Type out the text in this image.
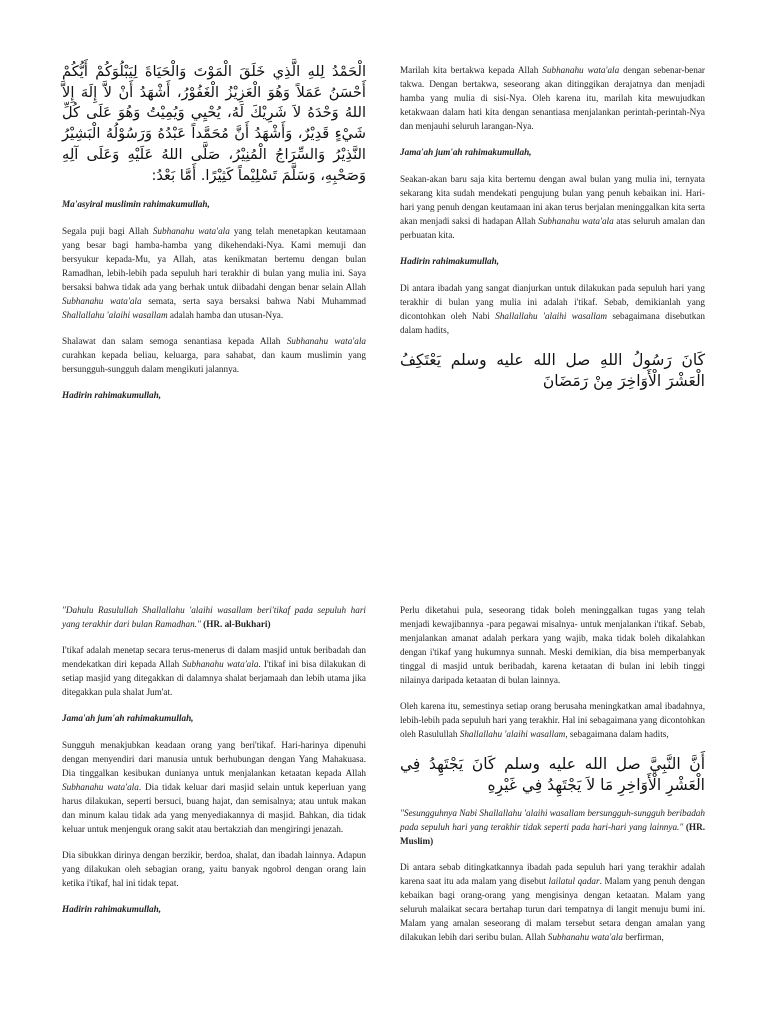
الْحَمْدُ لِلهِ الَّذِي خَلَقَ الْمَوْتَ وَالْحَيَاةَ لِيَبْلُوَكُمْ أَيُّكُمْ أَحْسَنُ عَمَلاً وَهُوَ الْعَزِيْزُ الْغَفُوْرُ، أَشْهَدُ أَنْ لاَّ إِلَهَ إِلاَّ اللهُ وَحْدَهُ لاَ شَرِيْكَ لَهُ، يُحْيِي وَيُمِيْتُ وَهُوَ عَلَى كُلِّ شَيْءٍ قَدِيْرٌ، وَأَشْهَدُ أَنَّ مُحَمَّداً عَبْدُهُ وَرَسُوْلُهُ الْبَشِيْرُ النَّذِيْرُ وَالسِّرَاجُ الْمُنِيْرُ، صَلَّى اللهُ عَلَيْهِ وَعَلَى آلِهِ وَصَحْبِهِ، وَسَلَّمَ تَسْلِيْماً كَثِيْرًا. أَمَّا بَعْدُ:

Ma'asyiral muslimin rahimakumullah,

Segala puji bagi Allah Subhanahu wata'ala yang telah menetapkan keutamaan yang besar bagi hamba-hamba yang dikehendaki-Nya. Kami memuji dan bersyukur kepada-Mu, ya Allah, atas kenikmatan bertemu dengan bulan Ramadhan, lebih-lebih pada sepuluh hari terakhir di bulan yang mulia ini. Saya bersaksi bahwa tidak ada yang berhak untuk diibadahi dengan benar selain Allah Subhanahu wata'ala semata, serta saya bersaksi bahwa Nabi Muhammad Shallallahu 'alaihi wasallam adalah hamba dan utusan-Nya.

Shalawat dan salam semoga senantiasa kepada Allah Subhanahu wata'ala curahkan kepada beliau, keluarga, para sahabat, dan kaum muslimin yang bersungguh-sungguh dalam mengikuti jalannya.

Hadirin rahimakumullah,

Marilah kita bertakwa kepada Allah Subhanahu wata'ala dengan sebenar-benar takwa. Dengan bertakwa, seseorang akan ditinggikan derajatnya dan menjadi hamba yang mulia di sisi-Nya. Oleh karena itu, marilah kita mewujudkan ketakwaan dalam hati kita dengan senantiasa menjalankan perintah-perintah-Nya dan menjauhi seluruh larangan-Nya.

Jama'ah jum'ah rahimakumullah,

Seakan-akan baru saja kita bertemu dengan awal bulan yang mulia ini, ternyata sekarang kita sudah mendekati pengujung bulan yang penuh kebaikan ini. Hari-hari yang penuh dengan keutamaan ini akan terus berjalan meninggalkan kita serta akan menjadi saksi di hadapan Allah Subhanahu wata'ala atas seluruh amalan dan perbuatan kita.

Hadirin rahimakumullah,

Di antara ibadah yang sangat dianjurkan untuk dilakukan pada sepuluh hari yang terakhir di bulan yang mulia ini adalah i'tikaf. Sebab, demikianlah yang dicontohkan oleh Nabi Shallallahu 'alaihi wasallam sebagaimana disebutkan dalam hadits,

كَانَ رَسُولُ اللهِ صل الله عليه وسلم يَعْتَكِفُ الْعَشْرَ الْأَوَاخِرَ مِنْ رَمَضَانَ

"Dahulu Rasulullah Shallallahu 'alaihi wasallam beri'tikaf pada sepuluh hari yang terakhir dari bulan Ramadhan." (HR. al-Bukhari)

I'tikaf adalah menetap secara terus-menerus di dalam masjid untuk beribadah dan mendekatkan diri kepada Allah Subhanahu wata'ala. I'tikaf ini bisa dilakukan di setiap masjid yang ditegakkan di dalamnya shalat berjamaah dan lebih utama jika ditegakkan pula shalat Jum'at.

Jama'ah jum'ah rahimakumullah,

Sungguh menakjubkan keadaan orang yang beri'tikaf. Hari-harinya dipenuhi dengan menyendiri dari manusia untuk berhubungan dengan Yang Mahakuasa. Dia tinggalkan kesibukan dunianya untuk menjalankan ketaatan kepada Allah Subhanahu wata'ala. Dia tidak keluar dari masjid selain untuk keperluan yang harus dilakukan, seperti bersuci, buang hajat, dan semisalnya; atau untuk makan dan minum kalau tidak ada yang menyediakannya di masjid. Bahkan, dia tidak keluar untuk menjenguk orang sakit atau bertakziah dan mengiringi jenazah.

Dia sibukkan dirinya dengan berzikir, berdoa, shalat, dan ibadah lainnya. Adapun yang dilakukan oleh sebagian orang, yaitu banyak ngobrol dengan orang lain ketika i'tikaf, hal ini tidak tepat.

Hadirin rahimakumullah,

Perlu diketahui pula, seseorang tidak boleh meninggalkan tugas yang telah menjadi kewajibannya -para pegawai misalnya- untuk menjalankan i'tikaf. Sebab, menjalankan amanat adalah perkara yang wajib, maka tidak boleh dikalahkan dengan i'tikaf yang hukumnya sunnah. Meski demikian, dia bisa memperbanyak tinggal di masjid untuk beribadah, karena ketaatan di bulan ini lebih tinggi nilainya daripada ketaatan di bulan lainnya.

Oleh karena itu, semestinya setiap orang berusaha meningkatkan amal ibadahnya, lebih-lebih pada sepuluh hari yang terakhir. Hal ini sebagaimana yang dicontohkan oleh Rasulullah Shallallahu 'alaihi wasallam, sebagaimana dalam hadits,

أَنَّ النَّبِيَّ صل الله عليه وسلم كَانَ يَجْتَهِدُ فِي الْعَشْرِ الْأَوَاخِرِ مَا لاَ يَجْتَهِدُ فِي غَيْرِهِ

"Sesungguhnya Nabi Shallallahu 'alaihi wasallam bersungguh-sungguh beribadah pada sepuluh hari yang terakhir tidak seperti pada hari-hari yang lainnya." (HR. Muslim)

Di antara sebab ditingkatkannya ibadah pada sepuluh hari yang terakhir adalah karena saat itu ada malam yang disebut lailatul qadar. Malam yang penuh dengan kebaikan bagi orang-orang yang mengisinya dengan ketaatan. Malam yang seluruh malaikat secara bertahap turun dari tempatnya di langit menuju bumi ini. Malam yang amalan seseorang di malam tersebut setara dengan amalan yang dilakukan lebih dari seribu bulan. Allah Subhanahu wata'ala berfirman,
